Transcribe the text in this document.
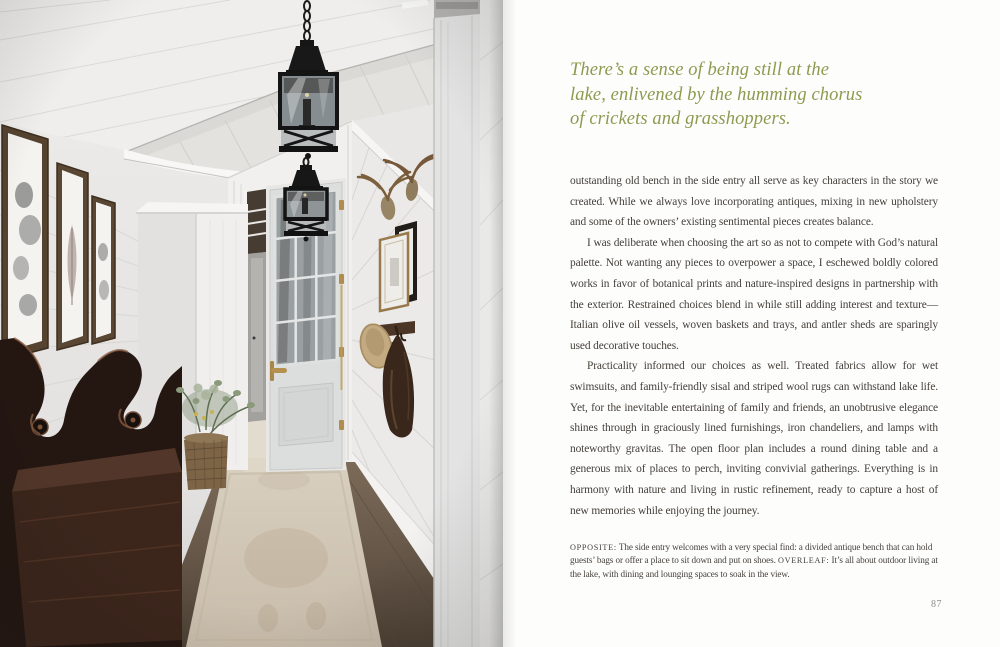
There’s a sense of being still at the
lake, enlivened by the humming chorus
of crickets and grasshoppers.

outstanding old bench in the side entry all serve as key characters in the story we created. While we always love incorporating antiques, mixing in new upholstery and some of the owners’ existing sentimental pieces creates balance.

I was deliberate when choosing the art so as not to compete with God’s natural palette. Not wanting any pieces to overpower a space, I eschewed boldly colored works in favor of botanical prints and nature-inspired designs in partnership with the exterior. Restrained choices blend in while still adding interest and texture—Italian olive oil vessels, woven baskets and trays, and antler sheds are sparingly used decorative touches.

Practicality informed our choices as well. Treated fabrics allow for wet swimsuits, and family-friendly sisal and striped wool rugs can withstand lake life. Yet, for the inevitable entertaining of family and friends, an unobtrusive elegance shines through in graciously lined furnishings, iron chandeliers, and lamps with noteworthy gravitas. The open floor plan includes a round dining table and a generous mix of places to perch, inviting convivial gatherings. Everything is in harmony with nature and living in rustic refinement, ready to capture a host of new memories while enjoying the journey.

OPPOSITE: The side entry welcomes with a very special find: a divided antique bench that can hold guests’ bags or offer a place to sit down and put on shoes. OVERLEAF: It’s all about outdoor living at the lake, with dining and lounging spaces to soak in the view.
87
